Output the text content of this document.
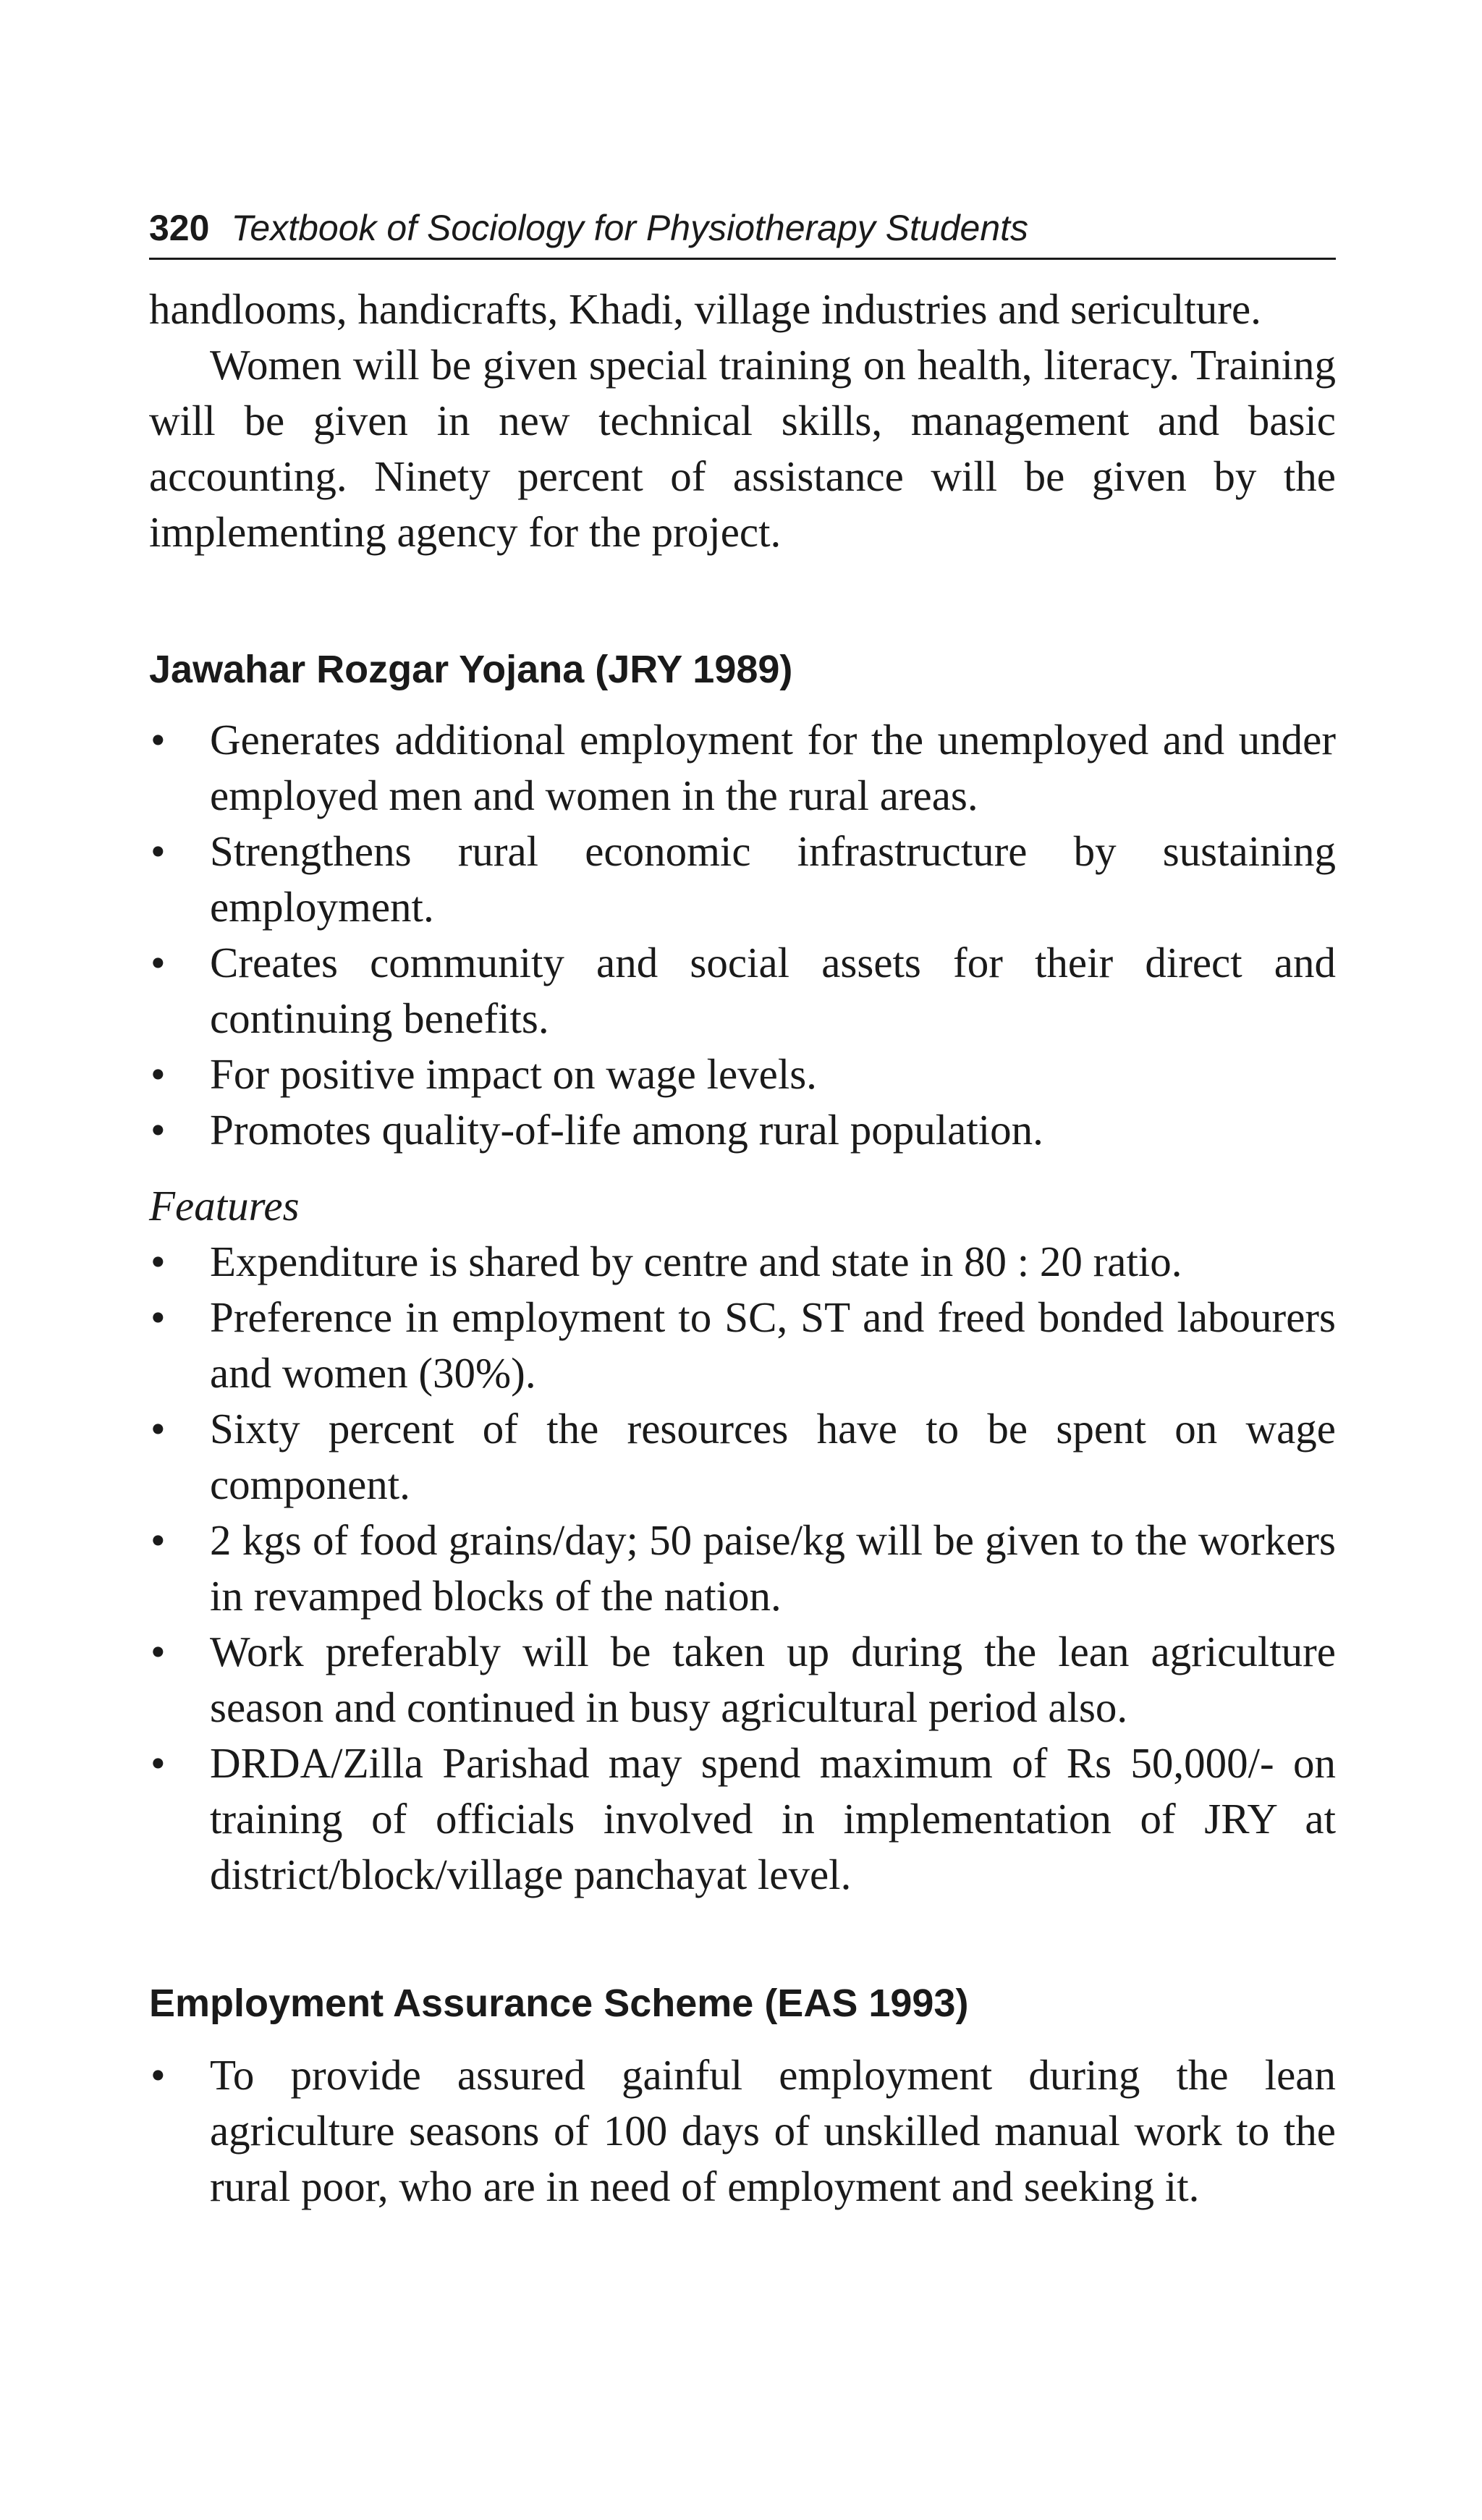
320 Textbook of Sociology for Physiotherapy Students

handlooms, handicrafts, Khadi, village industries and sericulture.

Women will be given special training on health, literacy. Training will be given in new technical skills, management and basic accounting. Ninety percent of assistance will be given by the implementing agency for the project.

Jawahar Rozgar Yojana (JRY 1989)
• Generates additional employment for the unemployed and under employed men and women in the rural areas.
• Strengthens rural economic infrastructure by sustaining employment.
• Creates community and social assets for their direct and continuing benefits.
• For positive impact on wage levels.
• Promotes quality-of-life among rural population.

Features

• Expenditure is shared by centre and state in 80 : 20 ratio.
• Preference in employment to SC, ST and freed bonded labourers and women (30%).
• Sixty percent of the resources have to be spent on wage component.
• 2 kgs of food grains/day; 50 paise/kg will be given to the workers in revamped blocks of the nation.
• Work preferably will be taken up during the lean agriculture season and continued in busy agricultural period also.
• DRDA/Zilla Parishad may spend maximum of Rs 50,000/- on training of officials involved in implementation of JRY at district/block/village panchayat level.
Employment Assurance Scheme (EAS 1993)
• To provide assured gainful employment during the lean agriculture seasons of 100 days of unskilled manual work to the rural poor, who are in need of employment and seeking it.
